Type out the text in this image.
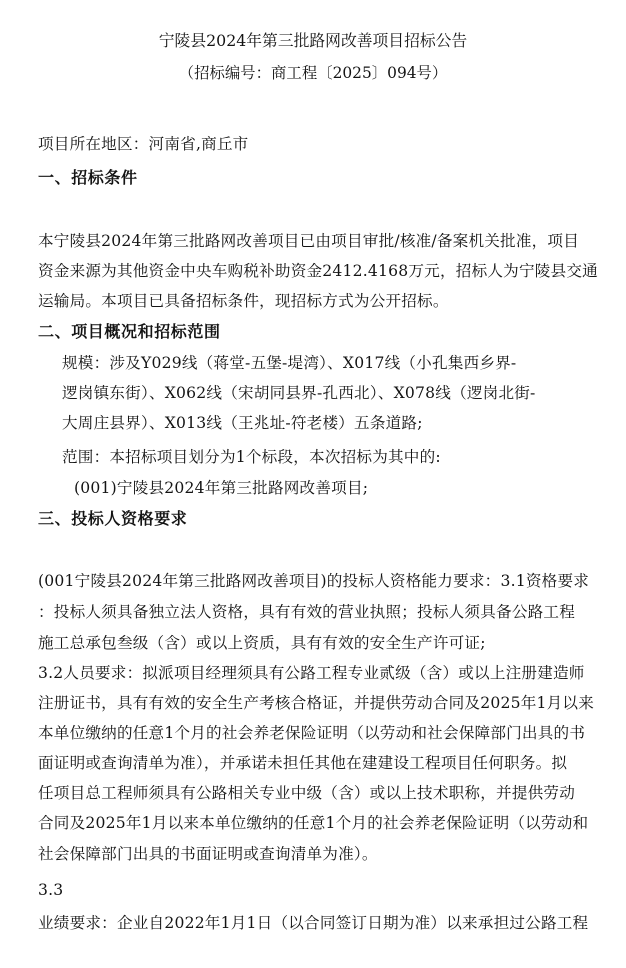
宁陵县2024年第三批路网改善项目招标公告
（招标编号：商工程〔2025〕094号）
项目所在地区：河南省,商丘市
一、招标条件
本宁陵县2024年第三批路网改善项目已由项目审批/核准/备案机关批准，项目
资金来源为其他资金中央车购税补助资金2412.4168万元，招标人为宁陵县交通
运输局。本项目已具备招标条件，现招标方式为公开招标。
二、项目概况和招标范围
规模：涉及Y029线（蒋堂-五堡-堤湾）、X017线（小孔集西乡界-
逻岗镇东街）、X062线（宋胡同县界-孔西北）、X078线（逻岗北街-
大周庄县界）、X013线（王兆址-符老楼）五条道路;
范围：本招标项目划分为1个标段，本次招标为其中的:
(001)宁陵县2024年第三批路网改善项目;
三、投标人资格要求
(001宁陵县2024年第三批路网改善项目)的投标人资格能力要求：3.1资格要求
：投标人须具备独立法人资格，具有有效的营业执照；投标人须具备公路工程
施工总承包叁级（含）或以上资质，具有有效的安全生产许可证;
3.2人员要求：拟派项目经理须具有公路工程专业贰级（含）或以上注册建造师
注册证书，具有有效的安全生产考核合格证，并提供劳动合同及2025年1月以来
本单位缴纳的任意1个月的社会养老保险证明（以劳动和社会保障部门出具的书
面证明或查询清单为准），并承诺未担任其他在建建设工程项目任何职务。拟
任项目总工程师须具有公路相关专业中级（含）或以上技术职称，并提供劳动
合同及2025年1月以来本单位缴纳的任意1个月的社会养老保险证明（以劳动和
社会保障部门出具的书面证明或查询清单为准）。
3.3
业绩要求：企业自2022年1月1日（以合同签订日期为准）以来承担过公路工程
